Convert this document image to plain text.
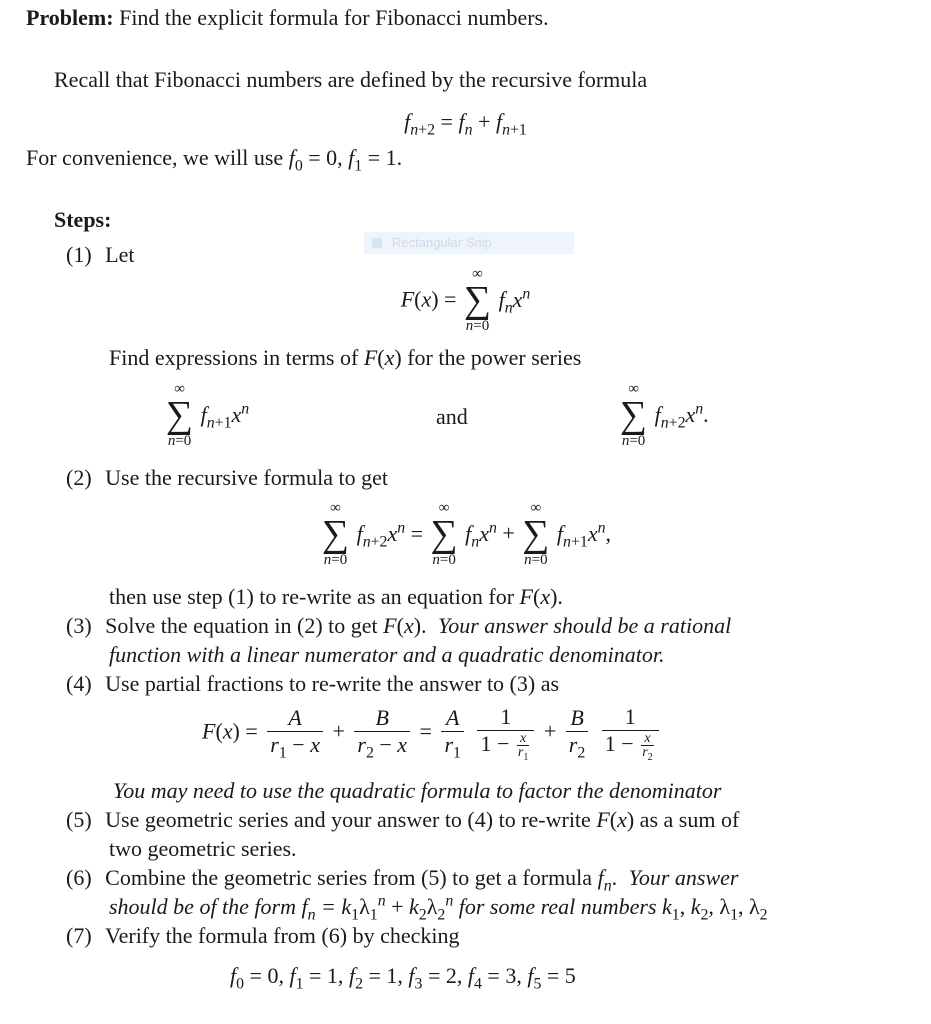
Problem: Find the explicit formula for Fibonacci numbers.
Recall that Fibonacci numbers are defined by the recursive formula
$f_{n+2} = f_n + f_{n+1}$
For convenience, we will use $f_0 = 0$, $f_1 = 1$.
Steps:
Rectangular Snip
(1) Let
F(x) =
∞
∑
n=0
$f_nx^n$
Find expressions in terms of F(x) for the power series
∞
∑
n=0
$f_{n+1}x^n$	and
∞
∑
n=0
$f_{n+2}x^n$.
(2) Use the recursive formula to get
∞
∑
n=0
$f_{n+2}x^n$ =
∞
∑
n=0
$f_nx^n$ +
∞
∑
n=0
$f_{n+1}x^n$,
then use step (1) to re-write as an equation for F(x).
(3) Solve the equation in (2) to get F(x). Your answer should be a rational
function with a linear numerator and a quadratic denominator.
(4) Use partial fractions to re-write the answer to (3) as
$F(x) = \frac{A}{r_1 - x} + \frac{B}{r_2 - x} = \frac{A}{r_1}$
$\frac{1}{1 - \frac{x}{r_1}} + \frac{B}{r_2}$
$\frac{1}{1 - \frac{x}{r_2}}$
You may need to use the quadratic formula to factor the denominator
(5) Use geometric series and your answer to (4) to re-write F(x) as a sum of
two geometric series.
(6) Combine the geometric series from (5) to get a formula $f_n$. Your answer
should be of the form $f_n = k_1\lambda_1^n + k_2\lambda_2^n$ for some real numbers $k_1$, $k_2$, $\lambda_1$, $\lambda_2$
(7) Verify the formula from (6) by checking
$f_0 = 0$, $f_1 = 1$, $f_2 = 1$, $f_3 = 2$, $f_4 = 3$, $f_5 = 5$
